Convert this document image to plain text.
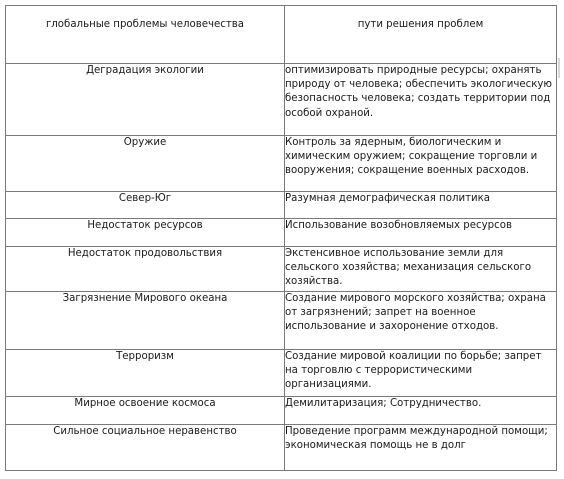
глобальные проблемы человечества	пути решения проблем
Деградация экологии	оптимизировать природные ресурсы; охранять природу от человека; обеспечить экологическую безопасность человека; создать территории под особой охраной.
Оружие	Контроль за ядерным, биологическим и химическим оружием; сокращение торговли и вооружения; сокращение военных расходов.
Север-Юг	Разумная демографическая политика
Недостаток ресурсов	Использование возобновляемых ресурсов
Недостаток продовольствия	Экстенсивное использование земли для сельского хозяйства; механизация сельского хозяйства.
Загрязнение Мирового океана	Создание мирового морского хозяйства; охрана от загрязнений; запрет на военное использование и захоронение отходов.
Терроризм	Создание мировой коалиции по борьбе; запрет на торговлю с террористическими организациями.
Мирное освоение космоса	Демилитаризация; Сотрудничество.
Сильное социальное неравенство	Проведение программ международной помощи; экономическая помощь не в долг
